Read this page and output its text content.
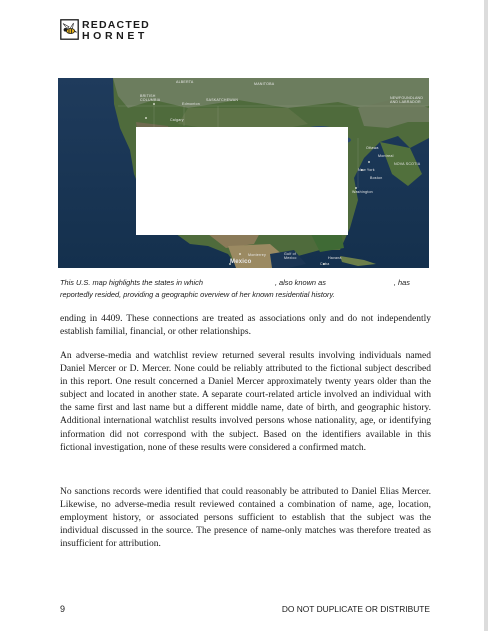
REDACTED
HORNET
ALBERTA	MANITOBA
SASKATCHEWAN
BRITISH COLUMBIA
Edmonton
Calgary
NEWFOUNDLAND AND LABRADOR
Ottawa
Montreal
NOVA SCOTIA
New York
Boston
Washington
Gulf of Mexico
Mexico
Monterrey
Havana
Cuba
This U.S. map highlights the states in which	, also known as	, has reportedly resided, providing a geographic overview of her known residential history.

ending in 4409. These connections are treated as associations only and do not independently establish familial, financial, or other relationships.

An adverse-media and watchlist review returned several results involving individuals named Daniel Mercer or D. Mercer. None could be reliably attributed to the fictional subject described in this report. One result concerned a Daniel Mercer approximately twenty years older than the subject and located in another state. A separate court-related article involved an individual with the same first and last name but a different middle name, date of birth, and geographic history. Additional international watchlist results involved persons whose nationality, age, or identifying information did not correspond with the subject. Based on the identifiers available in this fictional investigation, none of these results were considered a confirmed match.

No sanctions records were identified that could reasonably be attributed to Daniel Elias Mercer. Likewise, no adverse-media result reviewed contained a combination of name, age, location, employment history, or associated persons sufficient to establish that the subject was the individual discussed in the source. The presence of name-only matches was therefore treated as insufficient for attribution.

9	DO NOT DUPLICATE OR DISTRIBUTE
